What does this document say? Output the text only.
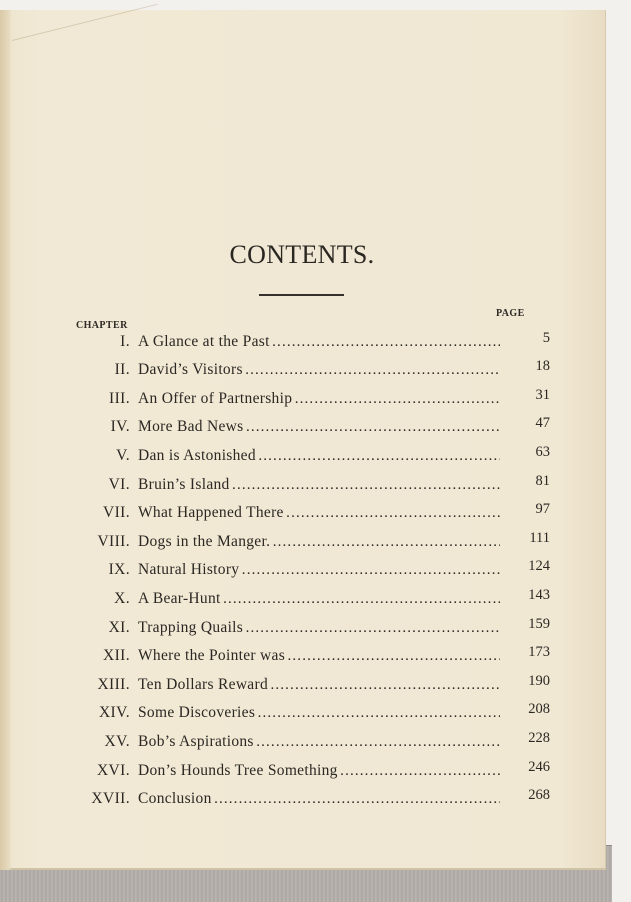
CONTENTS.
PAGE
CHAPTER
I. A Glance at the Past . . .	5
II. David’s Visitors . . .	18
III. An Offer of Partnership . . .	31
IV. More Bad News . . .	47
V. Dan is Astonished . . .	63
VI. Bruin’s Island . . .	81
VII. What Happened There . . .	97
VIII. Dogs in the Manger. . . .	111
IX. Natural History . . .	124
X. A Bear-Hunt . . .	143
XI. Trapping Quails . . .	159
XII. Where the Pointer was . . .	173
XIII. Ten Dollars Reward . . .	190
XIV. Some Discoveries . . .	208
XV. Bob’s Aspirations . . .	228
XVI. Don’s Hounds Tree Something . . .	246
XVII. Conclusion . . .	268
